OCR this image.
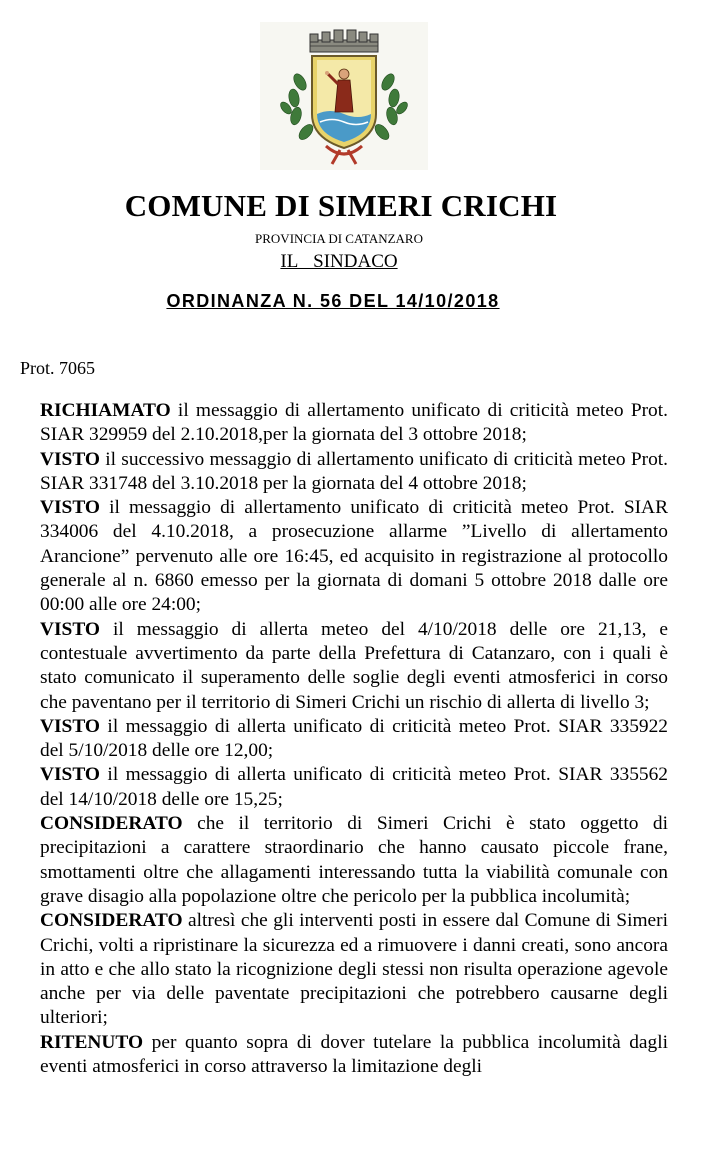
COMUNE DI SIMERI CRICHI
PROVINCIA DI CATANZARO
IL  SINDACO
ORDINANZA N. 56 DEL 14/10/2018
Prot. 7065

RICHIAMATO il messaggio di allertamento unificato di criticità meteo Prot. SIAR 329959 del 2.10.2018,per la giornata del 3 ottobre 2018;

VISTO il successivo messaggio di allertamento unificato di criticità meteo Prot. SIAR 331748 del 3.10.2018 per la giornata del 4 ottobre 2018;

VISTO il messaggio di allertamento unificato di criticità meteo Prot. SIAR 334006 del 4.10.2018, a prosecuzione allarme ”Livello di allertamento Arancione” pervenuto alle ore 16:45, ed acquisito in registrazione al protocollo generale al n. 6860 emesso per la giornata di domani 5 ottobre 2018 dalle ore 00:00 alle ore 24:00;

VISTO il messaggio di allerta meteo del 4/10/2018 delle ore 21,13, e contestuale avvertimento da parte della Prefettura di Catanzaro, con i quali è stato comunicato il superamento delle soglie degli eventi atmosferici in corso che paventano per il territorio di Simeri Crichi un rischio di allerta di livello 3;

VISTO il messaggio di allerta unificato di criticità meteo Prot. SIAR 335922 del 5/10/2018 delle ore 12,00;

VISTO il messaggio di allerta unificato di criticità meteo Prot. SIAR 335562 del 14/10/2018 delle ore 15,25;

CONSIDERATO che il territorio di Simeri Crichi è stato oggetto di precipitazioni a carattere straordinario che hanno causato piccole frane, smottamenti oltre che allagamenti interessando tutta la viabilità comunale con grave disagio alla popolazione oltre che pericolo per la pubblica incolumità;

CONSIDERATO altresì che gli interventi posti in essere dal Comune di Simeri Crichi, volti a ripristinare la sicurezza ed a rimuovere i danni creati, sono ancora in atto e che allo stato la ricognizione degli stessi non risulta operazione agevole anche per via delle paventate precipitazioni che potrebbero causarne degli ulteriori;

RITENUTO per quanto sopra di dover tutelare la pubblica incolumità dagli eventi atmosferici in corso attraverso la limitazione degli
